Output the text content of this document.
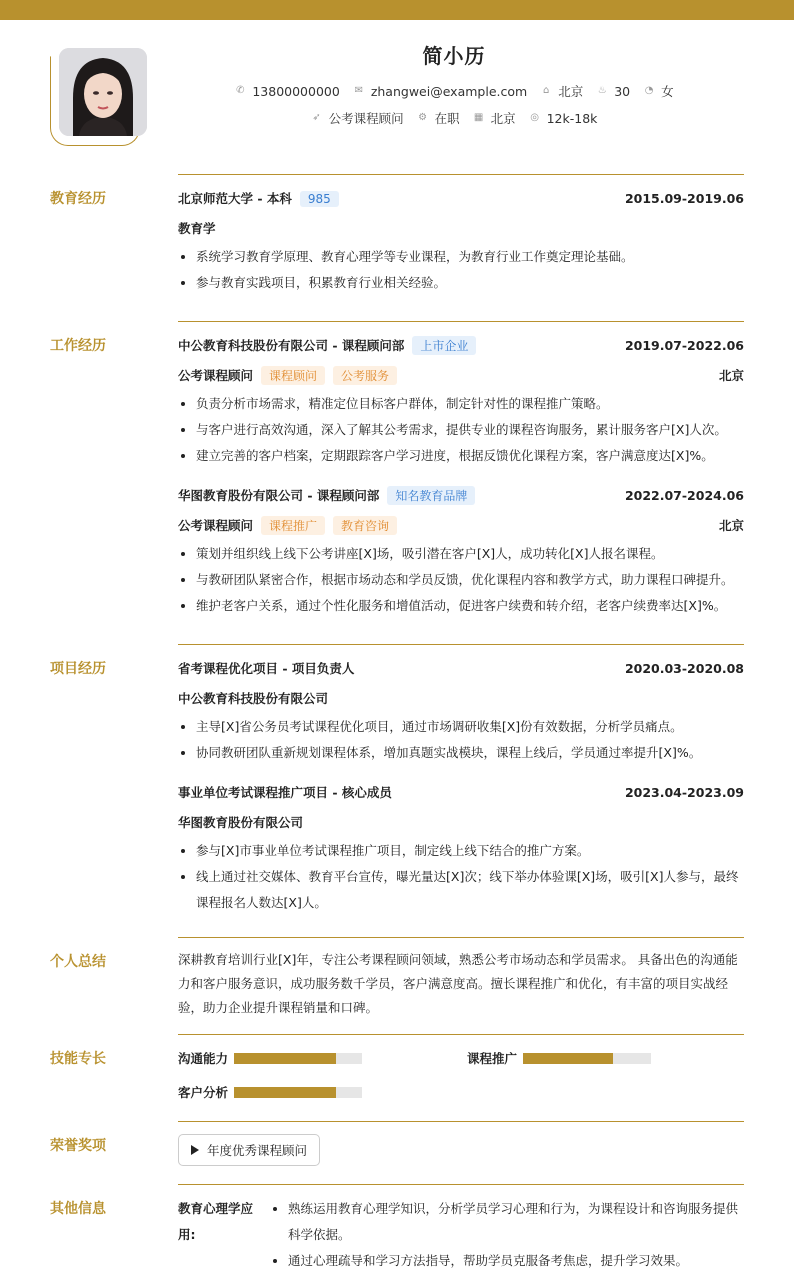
简小历
✆ 13800000000 ✉ zhangwei@example.com ⌂ 北京 ♨ 30 ◔ 女
➶ 公考课程顾问 ⚙ 在职 ▦ 北京 ◎ 12k-18k
教育经历	北京师范大学 - 本科 985	2015.09-2019.06
教育学
系统学习教育学原理、教育心理学等专业课程，为教育行业工作奠定理论基础。
参与教育实践项目，积累教育行业相关经验。
工作经历	中公教育科技股份有限公司 - 课程顾问部 上市企业	2019.07-2022.06
公考课程顾问 课程顾问 公考服务	北京
负责分析市场需求，精准定位目标客户群体，制定针对性的课程推广策略。
与客户进行高效沟通，深入了解其公考需求，提供专业的课程咨询服务，累计服务客户[X]人次。
建立完善的客户档案，定期跟踪客户学习进度，根据反馈优化课程方案，客户满意度达[X]%。
华图教育股份有限公司 - 课程顾问部 知名教育品牌	2022.07-2024.06
公考课程顾问 课程推广 教育咨询	北京
策划并组织线上线下公考讲座[X]场，吸引潜在客户[X]人，成功转化[X]人报名课程。
与教研团队紧密合作，根据市场动态和学员反馈，优化课程内容和教学方式，助力课程口碑提升。
维护老客户关系，通过个性化服务和增值活动，促进客户续费和转介绍，老客户续费率达[X]%。
项目经历	省考课程优化项目 - 项目负责人	2020.03-2020.08
中公教育科技股份有限公司
主导[X]省公务员考试课程优化项目，通过市场调研收集[X]份有效数据，分析学员痛点。
协同教研团队重新规划课程体系，增加真题实战模块，课程上线后，学员通过率提升[X]%。
事业单位考试课程推广项目 - 核心成员	2023.04-2023.09
华图教育股份有限公司
参与[X]市事业单位考试课程推广项目，制定线上线下结合的推广方案。
线上通过社交媒体、教育平台宣传，曝光量达[X]次；线下举办体验课[X]场，吸引[X]人参与，最终课程报名人数达[X]人。
个人总结	深耕教育培训行业[X]年，专注公考课程顾问领域，熟悉公考市场动态和学员需求。 具备出色的沟通能力和客户服务意识，成功服务数千学员，客户满意度高。擅长课程推广和优化，有丰富的项目实战经验，助力企业提升课程销量和口碑。
技能专长	沟通能力	课程推广
客户分析
荣誉奖项	年度优秀课程顾问
其他信息	教育心理学应用:
熟练运用教育心理学知识，分析学员学习心理和行为，为课程设计和咨询服务提供科学依据。
通过心理疏导和学习方法指导，帮助学员克服备考焦虑，提升学习效果。
